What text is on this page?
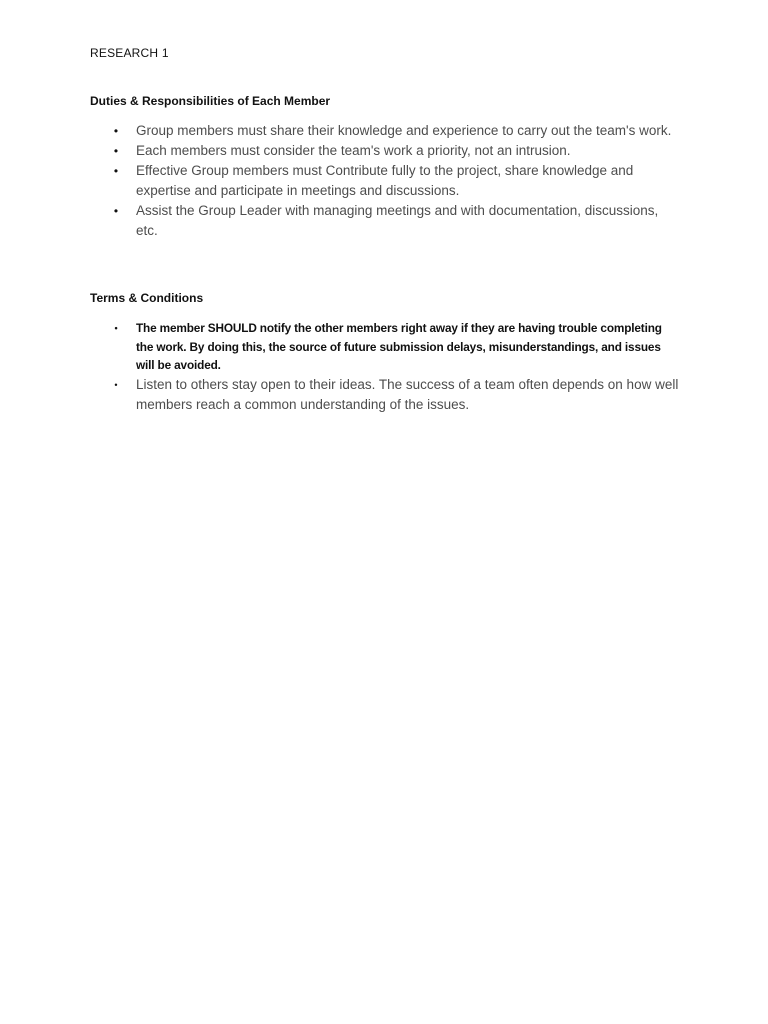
RESEARCH 1
Duties & Responsibilities of Each Member
• Group members must share their knowledge and experience to carry out the team's work.
• Each members must consider the team's work a priority, not an intrusion.
• Effective Group members must Contribute fully to the project, share knowledge and expertise and participate in meetings and discussions.
• Assist the Group Leader with managing meetings and with documentation, discussions, etc.
Terms & Conditions
•	The member SHOULD notify the other members right away if they are having trouble completing the work. By doing this, the source of future submission delays, misunderstandings, and issues will be avoided.
•	Listen to others stay open to their ideas. The success of a team often depends on how well members reach a common understanding of the issues.
